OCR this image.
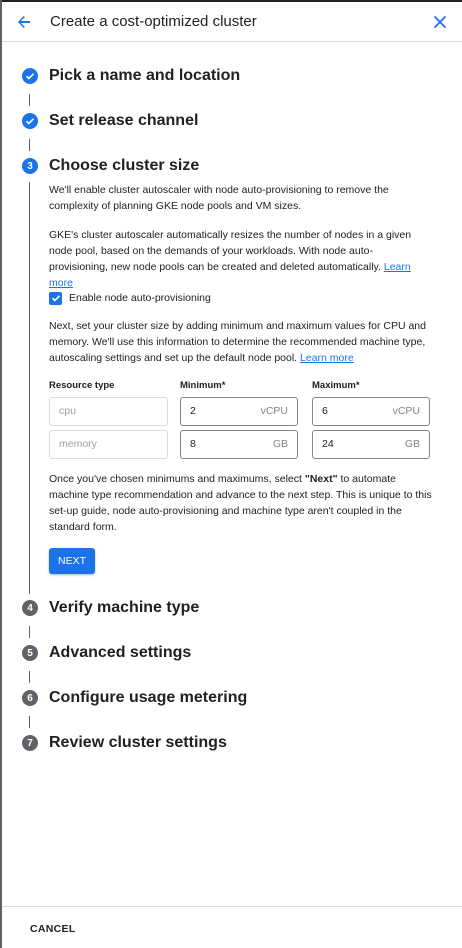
Create a cost-optimized cluster
Pick a name and location
Set release channel
3	Choose cluster size
We'll enable cluster autoscaler with node auto-provisioning to remove the complexity of planning GKE node pools and VM sizes.
GKE's cluster autoscaler automatically resizes the number of nodes in a given node pool, based on the demands of your workloads. With node auto- provisioning, new node pools can be created and deleted automatically. Learn more
Enable node auto-provisioning
Next, set your cluster size by adding minimum and maximum values for CPU and memory. We'll use this information to determine the recommended machine type, autoscaling settings and set up the default node pool. Learn more
Resource type	Minimum*	Maximum*
cpu	2	vCPU	6	vCPU
memory	8	GB	24	GB
Once you've chosen minimums and maximums, select "Next" to automate machine type recommendation and advance to the next step. This is unique to this set-up guide, node auto-provisioning and machine type aren't coupled in the standard form.
NEXT
4	Verify machine type
5	Advanced settings
6	Configure usage metering
7	Review cluster settings
CANCEL
